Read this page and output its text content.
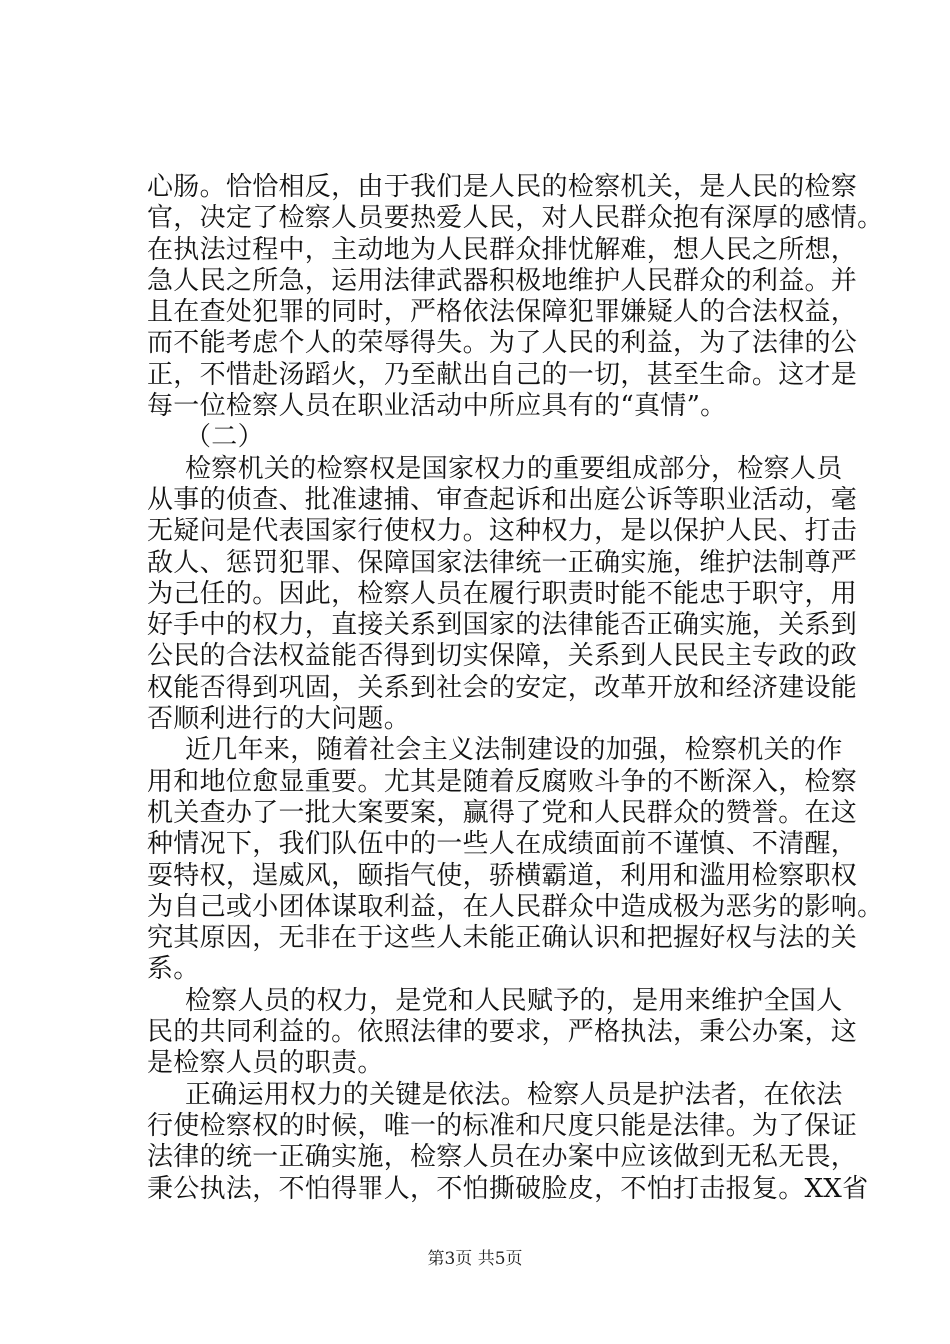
心肠。恰恰相反，由于我们是人民的检察机关，是人民的检察
官，决定了检察人员要热爱人民，对人民群众抱有深厚的感情。
在执法过程中，主动地为人民群众排忧解难，想人民之所想，
急人民之所急，运用法律武器积极地维护人民群众的利益。并
且在查处犯罪的同时，严格依法保障犯罪嫌疑人的合法权益，
而不能考虑个人的荣辱得失。为了人民的利益，为了法律的公
正，不惜赴汤蹈火，乃至献出自己的一切，甚至生命。这才是
每一位检察人员在职业活动中所应具有的“真情”。
（二）
检察机关的检察权是国家权力的重要组成部分，检察人员
从事的侦查、批准逮捕、审查起诉和出庭公诉等职业活动，毫
无疑问是代表国家行使权力。这种权力，是以保护人民、打击
敌人、惩罚犯罪、保障国家法律统一正确实施，维护法制尊严
为己任的。因此，检察人员在履行职责时能不能忠于职守，用
好手中的权力，直接关系到国家的法律能否正确实施，关系到
公民的合法权益能否得到切实保障，关系到人民民主专政的政
权能否得到巩固，关系到社会的安定，改革开放和经济建设能
否顺利进行的大问题。
近几年来，随着社会主义法制建设的加强，检察机关的作
用和地位愈显重要。尤其是随着反腐败斗争的不断深入，检察
机关查办了一批大案要案，赢得了党和人民群众的赞誉。在这
种情况下，我们队伍中的一些人在成绩面前不谨慎、不清醒，
耍特权，逞威风，颐指气使，骄横霸道，利用和滥用检察职权
为自己或小团体谋取利益，在人民群众中造成极为恶劣的影响。
究其原因，无非在于这些人未能正确认识和把握好权与法的关
系。
检察人员的权力，是党和人民赋予的，是用来维护全国人
民的共同利益的。依照法律的要求，严格执法，秉公办案，这
是检察人员的职责。
正确运用权力的关键是依法。检察人员是护法者，在依法
行使检察权的时候，唯一的标准和尺度只能是法律。为了保证
法律的统一正确实施，检察人员在办案中应该做到无私无畏，
秉公执法，不怕得罪人，不怕撕破脸皮，不怕打击报复。XX省
第3页 共5页
